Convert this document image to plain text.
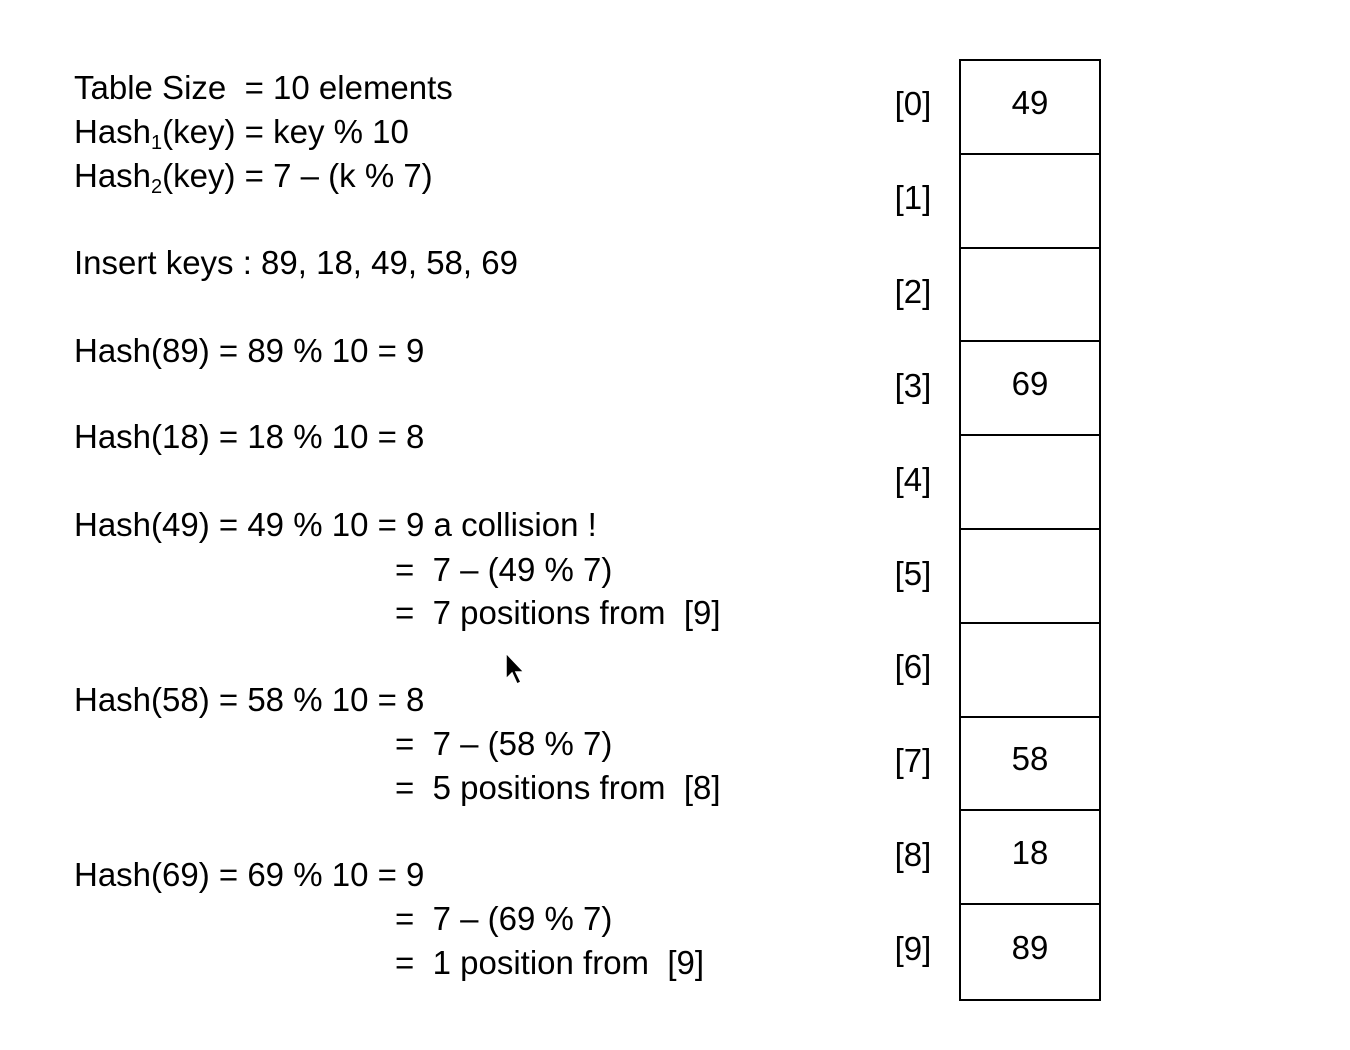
Table Size  = 10 elements
Hash$_1$(key) = key % 10
Hash$_2$(key) = 7 – (k % 7)
Insert keys : 89, 18, 49, 58, 69
Hash(89) = 89 % 10 = 9
Hash(18) = 18 % 10 = 8
Hash(49) = 49 % 10 = 9 a collision !
=  7 – (49 % 7)
=  7 positions from  [9]
Hash(58) = 58 % 10 = 8
=  7 – (58 % 7)
=  5 positions from  [8]
Hash(69) = 69 % 10 = 9
=  7 – (69 % 7)
=  1 position from  [9]
[0]
[1]
[2]
[3]
[4]
[5]
[6]
[7]
[8]
[9]
49
69
58
18
89
